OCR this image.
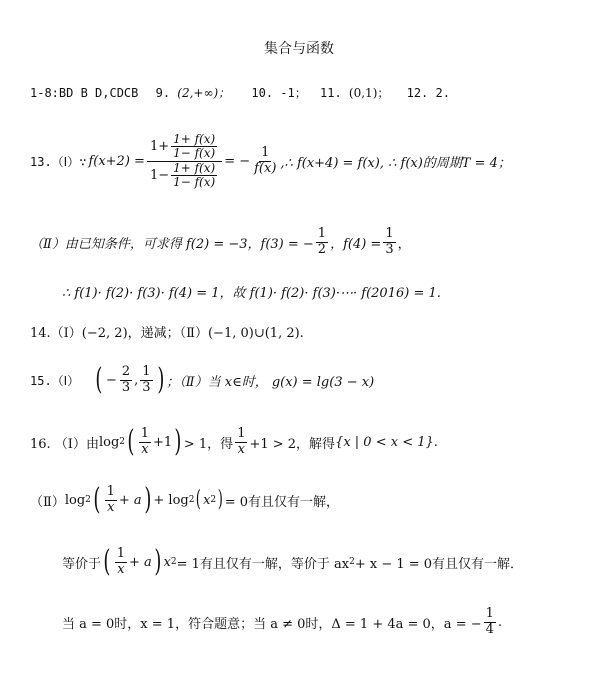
集合与函数
1-8:BD B D,CDCB 9. (2,+∞)； 10. -1； 11. (0,1)； 12. 2.
13.（Ⅰ）∵ $f(x+2) = \frac{1+ \frac{1+ f(x)}{1- f(x)}}{1- \frac{1+ f(x)}{1- f(x)}}$ = − $\frac{1}{f(x)}$ ,∴ f(x+4) = f(x), ∴ f(x)的周期T = 4；
（Ⅱ）由已知条件，可求得 f(2) = −3，f(3) = − $\frac{1}{2}$ ，$f(4) = \frac{1}{3}$ ，
∴ f(1)· f(2)· f(3)· f(4) = 1，故 f(1)· f(2)· f(3)·⋯· f(2016) = 1.
14.（Ⅰ）(−2, 2)，递减；（Ⅱ）(−1, 0)∪(1, 2).
15.（Ⅰ） ( − $\frac{2}{3}$ , $\frac{1}{3}$ ) ；（Ⅱ）当 x∈时， g(x) = lg(3 − x)
16. （Ⅰ）由 log 2 ( $\frac{1}{x} +1$ ) > 1，得 $\frac{1}{x} +1 > 2$，解得 {x | 0 < x < 1}.
（Ⅱ） log 2 ( $\frac{1}{x} + a$ ) + log 2 ( x 2 ) = 0有且仅有一解，
等价于 ( $\frac{1}{x} + a$ ) x 2 = 1有且仅有一解，等价于 ax 2 + x − 1 = 0有且仅有一解．
当 a = 0时，x = 1，符合题意；当 a ≠ 0时，Δ = 1 + 4a = 0，a = − $\frac{1}{4}$ .
